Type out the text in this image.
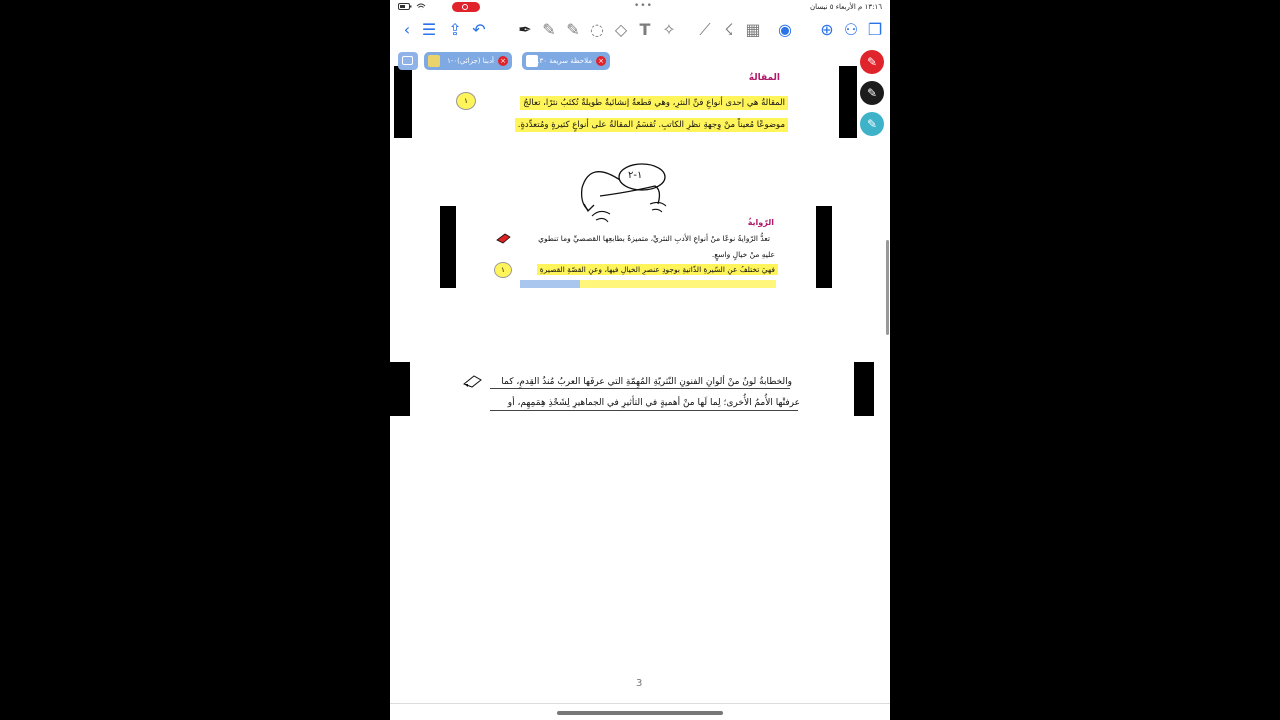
•••	١٣:١٦ م الأربعاء ٥ نيسان
‹ ☰ ⇪ ↶ ✒ ✎ ✎ ◌ ◇ T ✧	⟋ ☇ ▦ ◉ ⊕ ⚇ ❐
المقالةُ
١	المقالةُ هي إحدى أنواعِ فنِّ النثرِ، وهي قطعةٌ إنشائيةٌ طويلةٌ تُكتَبُ نثرًا، تعالجُ
موضوعًا مُعيناً منْ وِجهةِ نظرِ الكاتبِ. تُقسَمُ المقالةُ على أنواعٍ كثيرةٍ ومُتعدِّدةٍ.
١-٢
الرّوايةُ
تعدُّ الرّوايةُ نوعًا منْ أنواعِ الأدبِ النثريِّ، متميزةٌ بطابعِها القصصيِّ وما تنطوي
عليهِ منْ خيالٍ واسعٍ.
١	فهيَ تختلفُ عنِ السّيرةِ الذّاتيةِ بوجودِ عنصرِ الخيالِ فيها، وعنِ القصّةِ القصيرةِ
والخطابةُ لونٌ منْ ألوانِ الفنونِ النّثريّةِ المُهِمّةِ التي عرفَها العربُ مُنذُ القِدمِ، كما
عرفتْها الأُممُ الأُخرى؛ لِما لَها منْ أهميةٍ في التأثيرِ في الجماهيرِ لِشَحْذِ هِمَمِهِم، أو
3
أدبنا (جزائي)٠-١ ×	ملاحظة سريعة ٣٠... ×	✎
✎
✎
